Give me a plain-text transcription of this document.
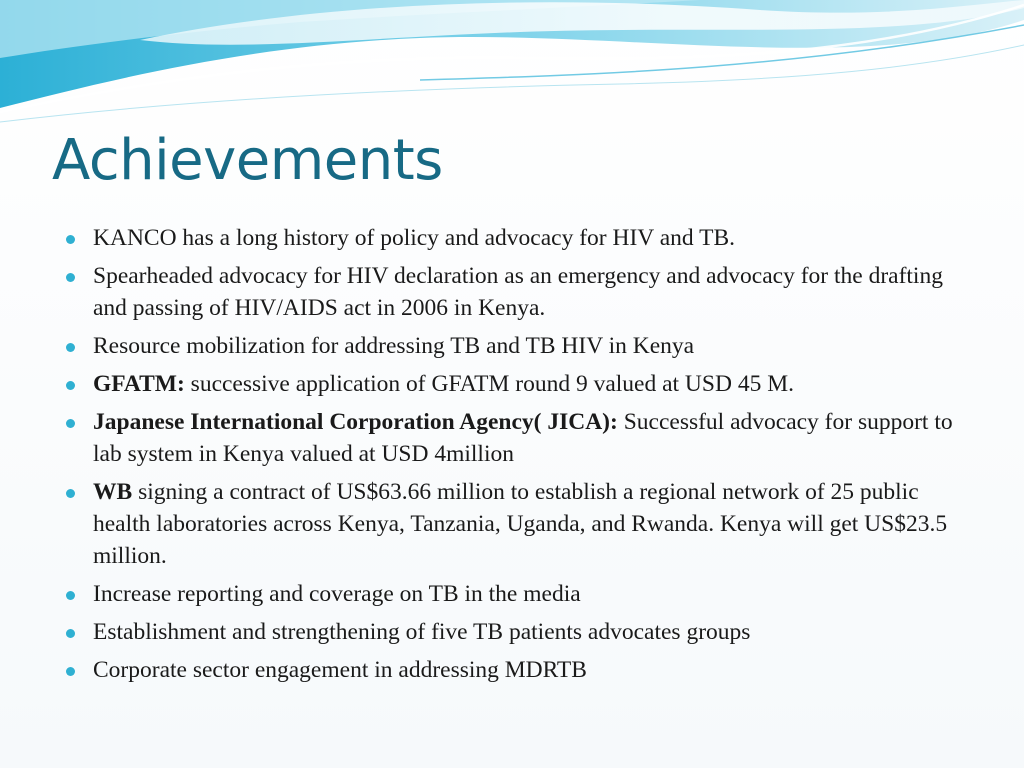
Achievements
KANCO has a long history of policy and advocacy for HIV and TB.
Spearheaded advocacy for HIV declaration as an emergency and advocacy for the drafting and passing of HIV/AIDS act in 2006 in Kenya.
Resource mobilization for addressing TB and TB HIV in Kenya
GFATM: successive application of GFATM round 9 valued at USD 45 M.
Japanese International Corporation Agency( JICA): Successful advocacy for support to lab system in Kenya valued at USD 4million
WB signing a contract of US$63.66 million to establish a regional network of 25 public health laboratories across Kenya, Tanzania, Uganda, and Rwanda. Kenya will get US$23.5 million.
Increase reporting and coverage on TB in the media
Establishment and strengthening of five TB patients advocates groups
Corporate sector engagement in addressing MDRTB
